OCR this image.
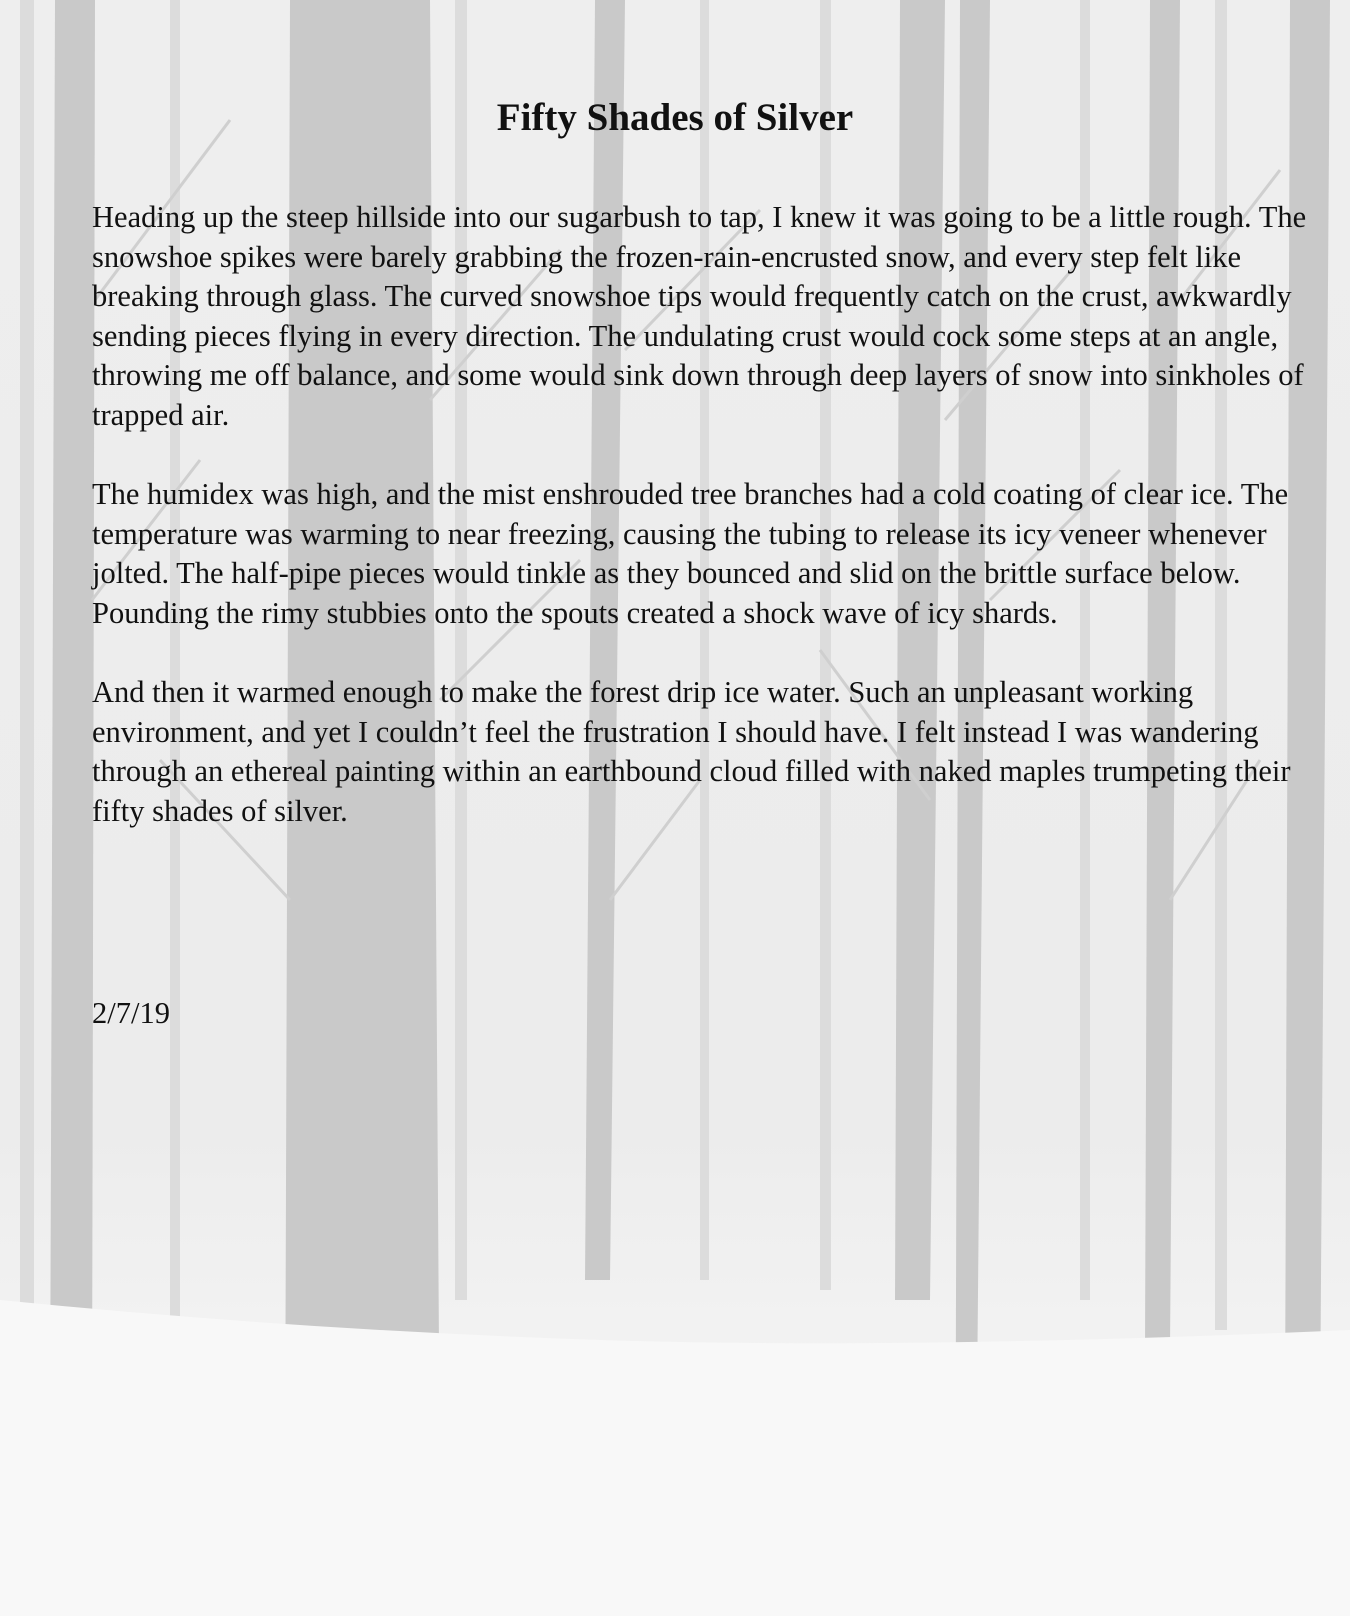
Fifty Shades of Silver

Heading up the steep hillside into our sugarbush to tap, I knew it was going to be a little rough. The snowshoe spikes were barely grabbing the frozen-rain-encrusted snow, and every step felt like breaking through glass. The curved snowshoe tips would frequently catch on the crust, awkwardly sending pieces flying in every direction. The undulating crust would cock some steps at an angle, throwing me off balance, and some would sink down through deep layers of snow into sinkholes of trapped air.

The humidex was high, and the mist enshrouded tree branches had a cold coating of clear ice. The temperature was warming to near freezing, causing the tubing to release its icy veneer whenever jolted. The half-pipe pieces would tinkle as they bounced and slid on the brittle surface below. Pounding the rimy stubbies onto the spouts created a shock wave of icy shards.

And then it warmed enough to make the forest drip ice water. Such an unpleasant working environment, and yet I couldn’t feel the frustration I should have. I felt instead I was wandering through an ethereal painting within an earthbound cloud filled with naked maples trumpeting their fifty shades of silver.

2/7/19
